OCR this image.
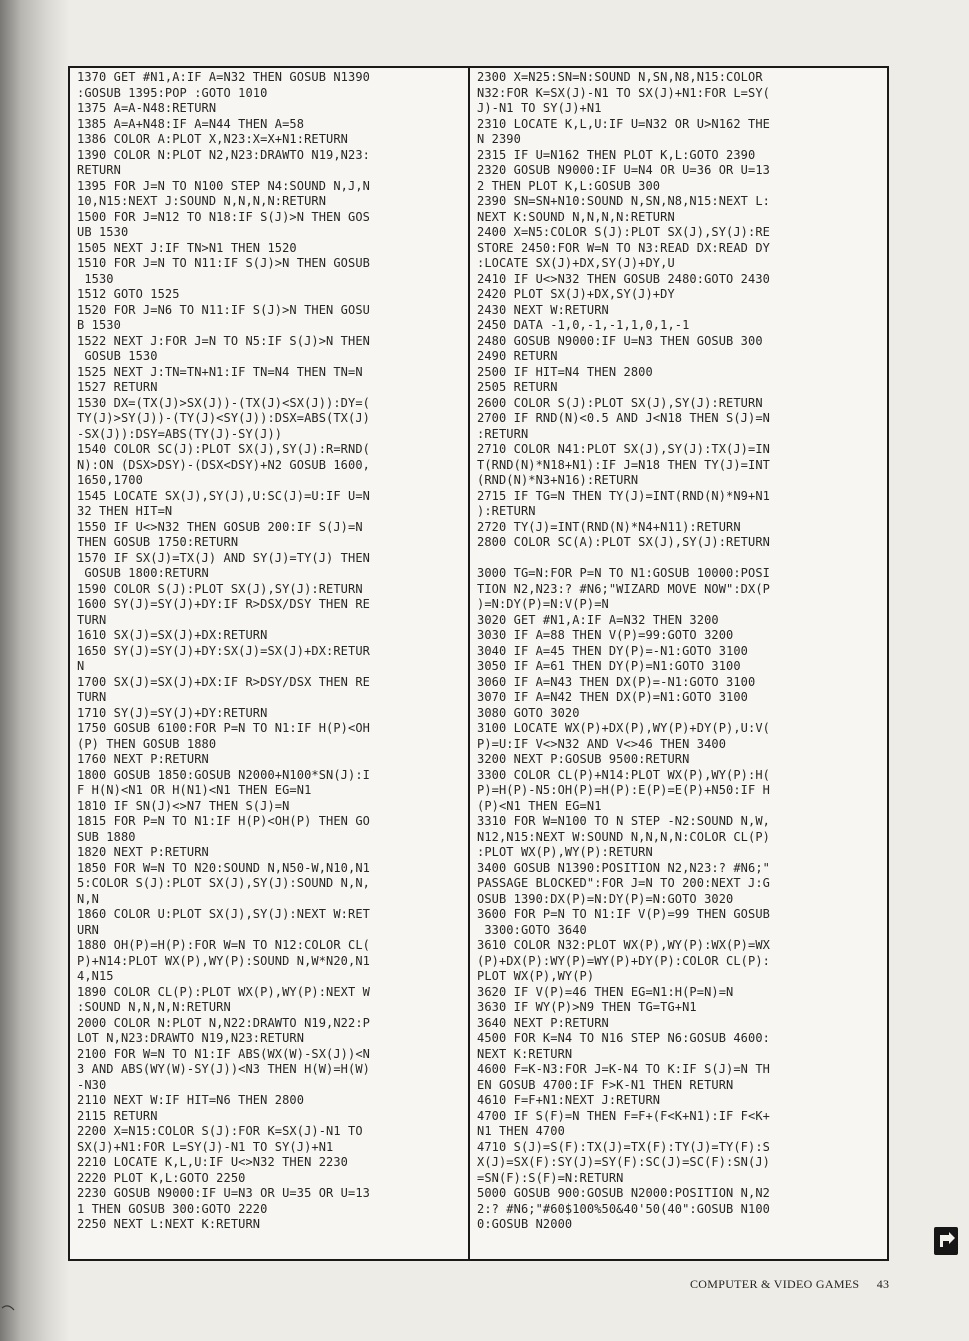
1370 GET #N1,A:IF A=N32 THEN GOSUB N1390
:GOSUB 1395:POP :GOTO 1010
1375 A=A-N48:RETURN
1385 A=A+N48:IF A=N44 THEN A=58
1386 COLOR A:PLOT X,N23:X=X+N1:RETURN
1390 COLOR N:PLOT N2,N23:DRAWTO N19,N23:
RETURN
1395 FOR J=N TO N100 STEP N4:SOUND N,J,N
10,N15:NEXT J:SOUND N,N,N,N:RETURN
1500 FOR J=N12 TO N18:IF S(J)>N THEN GOS
UB 1530
1505 NEXT J:IF TN>N1 THEN 1520
1510 FOR J=N TO N11:IF S(J)>N THEN GOSUB
1530
1512 GOTO 1525
1520 FOR J=N6 TO N11:IF S(J)>N THEN GOSU
B 1530
1522 NEXT J:FOR J=N TO N5:IF S(J)>N THEN
GOSUB 1530
1525 NEXT J:TN=TN+N1:IF TN=N4 THEN TN=N
1527 RETURN
1530 DX=(TX(J)>SX(J))-(TX(J)<SX(J)):DY=(
TY(J)>SY(J))-(TY(J)<SY(J)):DSX=ABS(TX(J)
-SX(J)):DSY=ABS(TY(J)-SY(J))
1540 COLOR SC(J):PLOT SX(J),SY(J):R=RND(
N):ON (DSX>DSY)-(DSX<DSY)+N2 GOSUB 1600,
1650,1700
1545 LOCATE SX(J),SY(J),U:SC(J)=U:IF U=N
32 THEN HIT=N
1550 IF U<>N32 THEN GOSUB 200:IF S(J)=N
THEN GOSUB 1750:RETURN
1570 IF SX(J)=TX(J) AND SY(J)=TY(J) THEN
GOSUB 1800:RETURN
1590 COLOR S(J):PLOT SX(J),SY(J):RETURN
1600 SY(J)=SY(J)+DY:IF R>DSX/DSY THEN RE
TURN
1610 SX(J)=SX(J)+DX:RETURN
1650 SY(J)=SY(J)+DY:SX(J)=SX(J)+DX:RETUR
N
1700 SX(J)=SX(J)+DX:IF R>DSY/DSX THEN RE
TURN
1710 SY(J)=SY(J)+DY:RETURN
1750 GOSUB 6100:FOR P=N TO N1:IF H(P)<OH
(P) THEN GOSUB 1880
1760 NEXT P:RETURN
1800 GOSUB 1850:GOSUB N2000+N100*SN(J):I
F H(N)<N1 OR H(N1)<N1 THEN EG=N1
1810 IF SN(J)<>N7 THEN S(J)=N
1815 FOR P=N TO N1:IF H(P)<OH(P) THEN GO
SUB 1880
1820 NEXT P:RETURN
1850 FOR W=N TO N20:SOUND N,N50-W,N10,N1
5:COLOR S(J):PLOT SX(J),SY(J):SOUND N,N,
N,N
1860 COLOR U:PLOT SX(J),SY(J):NEXT W:RET
URN
1880 OH(P)=H(P):FOR W=N TO N12:COLOR CL(
P)+N14:PLOT WX(P),WY(P):SOUND N,W*N20,N1
4,N15
1890 COLOR CL(P):PLOT WX(P),WY(P):NEXT W
:SOUND N,N,N,N:RETURN
2000 COLOR N:PLOT N,N22:DRAWTO N19,N22:P
LOT N,N23:DRAWTO N19,N23:RETURN
2100 FOR W=N TO N1:IF ABS(WX(W)-SX(J))<N
3 AND ABS(WY(W)-SY(J))<N3 THEN H(W)=H(W)
-N30
2110 NEXT W:IF HIT=N6 THEN 2800
2115 RETURN
2200 X=N15:COLOR S(J):FOR K=SX(J)-N1 TO
SX(J)+N1:FOR L=SY(J)-N1 TO SY(J)+N1
2210 LOCATE K,L,U:IF U<>N32 THEN 2230
2220 PLOT K,L:GOTO 2250
2230 GOSUB N9000:IF U=N3 OR U=35 OR U=13
1 THEN GOSUB 300:GOTO 2220
2250 NEXT L:NEXT K:RETURN
2300 X=N25:SN=N:SOUND N,SN,N8,N15:COLOR
N32:FOR K=SX(J)-N1 TO SX(J)+N1:FOR L=SY(
J)-N1 TO SY(J)+N1
2310 LOCATE K,L,U:IF U=N32 OR U>N162 THE
N 2390
2315 IF U=N162 THEN PLOT K,L:GOTO 2390
2320 GOSUB N9000:IF U=N4 OR U=36 OR U=13
2 THEN PLOT K,L:GOSUB 300
2390 SN=SN+N10:SOUND N,SN,N8,N15:NEXT L:
NEXT K:SOUND N,N,N,N:RETURN
2400 X=N5:COLOR S(J):PLOT SX(J),SY(J):RE
STORE 2450:FOR W=N TO N3:READ DX:READ DY
:LOCATE SX(J)+DX,SY(J)+DY,U
2410 IF U<>N32 THEN GOSUB 2480:GOTO 2430
2420 PLOT SX(J)+DX,SY(J)+DY
2430 NEXT W:RETURN
2450 DATA -1,0,-1,-1,1,0,1,-1
2480 GOSUB N9000:IF U=N3 THEN GOSUB 300
2490 RETURN
2500 IF HIT=N4 THEN 2800
2505 RETURN
2600 COLOR S(J):PLOT SX(J),SY(J):RETURN
2700 IF RND(N)<0.5 AND J<N18 THEN S(J)=N
:RETURN
2710 COLOR N41:PLOT SX(J),SY(J):TX(J)=IN
T(RND(N)*N18+N1):IF J=N18 THEN TY(J)=INT
(RND(N)*N3+N16):RETURN
2715 IF TG=N THEN TY(J)=INT(RND(N)*N9+N1
):RETURN
2720 TY(J)=INT(RND(N)*N4+N11):RETURN
2800 COLOR SC(A):PLOT SX(J),SY(J):RETURN
3000 TG=N:FOR P=N TO N1:GOSUB 10000:POSI
TION N2,N23:? #N6;"WIZARD MOVE NOW":DX(P
)=N:DY(P)=N:V(P)=N
3020 GET #N1,A:IF A=N32 THEN 3200
3030 IF A=88 THEN V(P)=99:GOTO 3200
3040 IF A=45 THEN DY(P)=-N1:GOTO 3100
3050 IF A=61 THEN DY(P)=N1:GOTO 3100
3060 IF A=N43 THEN DX(P)=-N1:GOTO 3100
3070 IF A=N42 THEN DX(P)=N1:GOTO 3100
3080 GOTO 3020
3100 LOCATE WX(P)+DX(P),WY(P)+DY(P),U:V(
P)=U:IF V<>N32 AND V<>46 THEN 3400
3200 NEXT P:GOSUB 9500:RETURN
3300 COLOR CL(P)+N14:PLOT WX(P),WY(P):H(
P)=H(P)-N5:OH(P)=H(P):E(P)=E(P)+N50:IF H
(P)<N1 THEN EG=N1
3310 FOR W=N100 TO N STEP -N2:SOUND N,W,
N12,N15:NEXT W:SOUND N,N,N,N:COLOR CL(P)
:PLOT WX(P),WY(P):RETURN
3400 GOSUB N1390:POSITION N2,N23:? #N6;"
PASSAGE BLOCKED":FOR J=N TO 200:NEXT J:G
OSUB 1390:DX(P)=N:DY(P)=N:GOTO 3020
3600 FOR P=N TO N1:IF V(P)=99 THEN GOSUB
3300:GOTO 3640
3610 COLOR N32:PLOT WX(P),WY(P):WX(P)=WX
(P)+DX(P):WY(P)=WY(P)+DY(P):COLOR CL(P):
PLOT WX(P),WY(P)
3620 IF V(P)=46 THEN EG=N1:H(P=N)=N
3630 IF WY(P)>N9 THEN TG=TG+N1
3640 NEXT P:RETURN
4500 FOR K=N4 TO N16 STEP N6:GOSUB 4600:
NEXT K:RETURN
4600 F=K-N3:FOR J=K-N4 TO K:IF S(J)=N TH
EN GOSUB 4700:IF F>K-N1 THEN RETURN
4610 F=F+N1:NEXT J:RETURN
4700 IF S(F)=N THEN F=F+(F<K+N1):IF F<K+
N1 THEN 4700
4710 S(J)=S(F):TX(J)=TX(F):TY(J)=TY(F):S
X(J)=SX(F):SY(J)=SY(F):SC(J)=SC(F):SN(J)
=SN(F):S(F)=N:RETURN
5000 GOSUB 900:GOSUB N2000:POSITION N,N2
2:? #N6;"#60$100%50&40'50(40":GOSUB N100
0:GOSUB N2000
COMPUTER & VIDEO GAMES 43
